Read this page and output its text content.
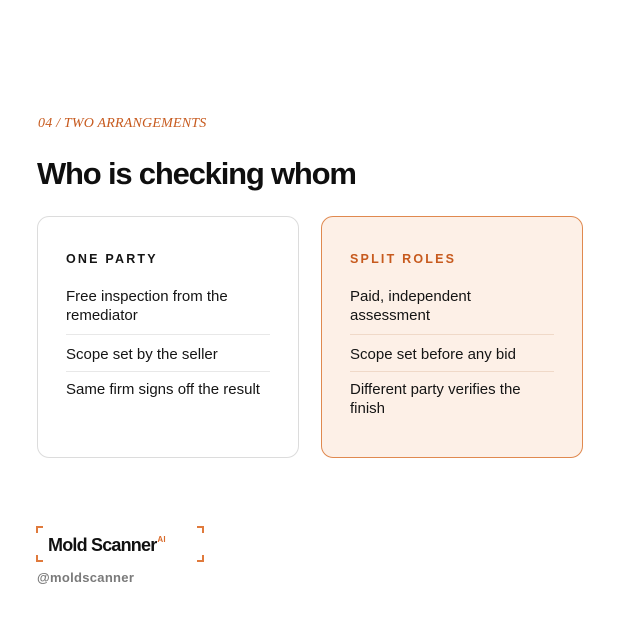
04 / TWO ARRANGEMENTS
Who is checking whom
ONE PARTY
Free inspection from the remediator
Scope set by the seller
Same firm signs off the result
SPLIT ROLES
Paid, independent assessment
Scope set before any bid
Different party verifies the finish
Mold Scanner$^{AI}$
@moldscanner
